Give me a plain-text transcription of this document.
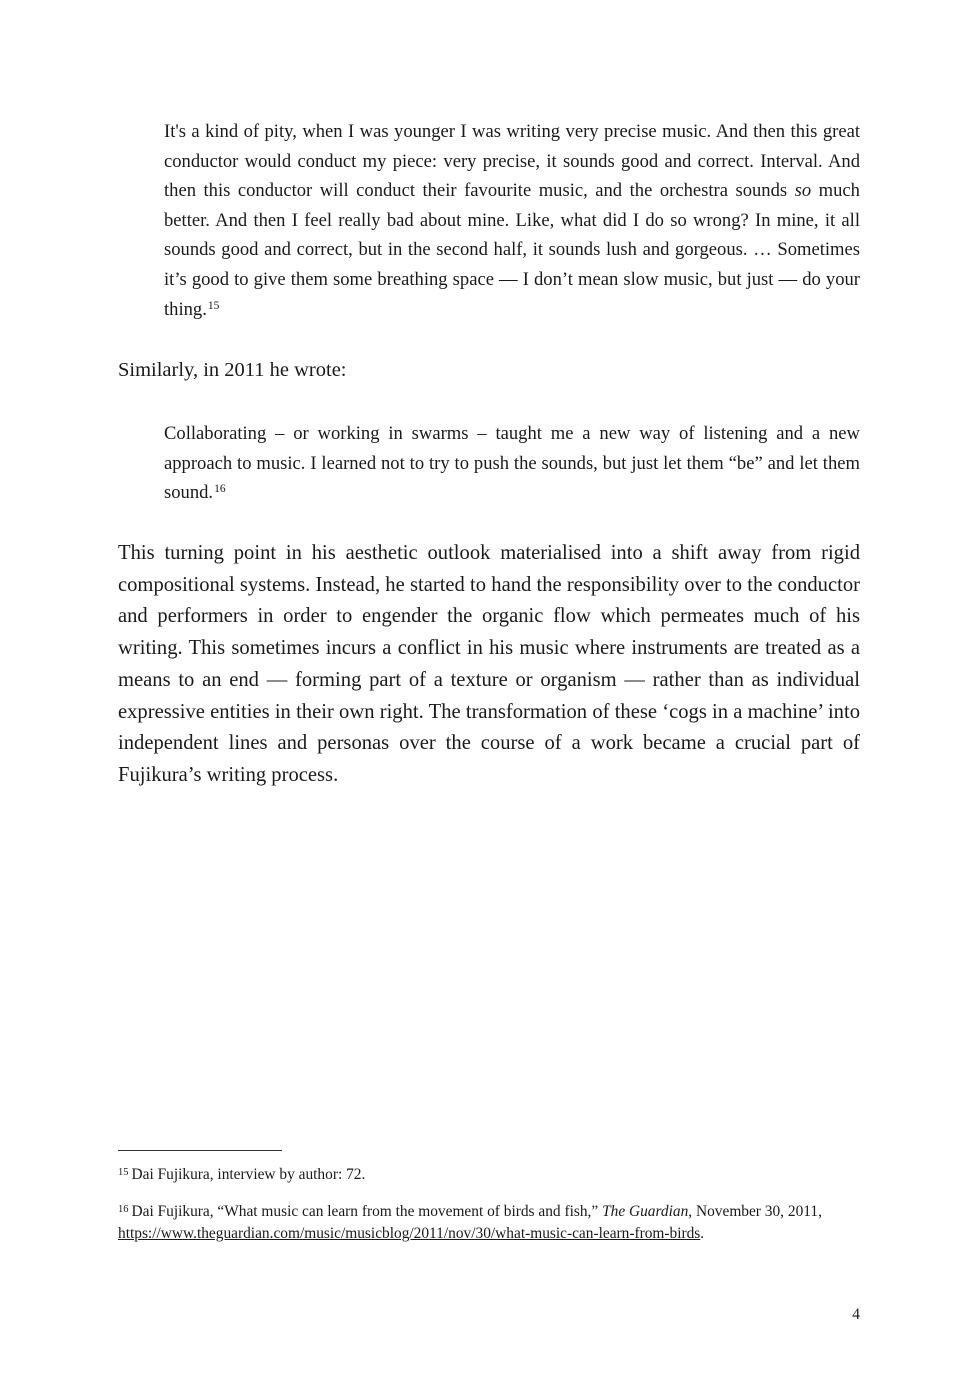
It's a kind of pity, when I was younger I was writing very precise music. And then this great conductor would conduct my piece: very precise, it sounds good and correct. Interval. And then this conductor will conduct their favourite music, and the orchestra sounds so much better. And then I feel really bad about mine. Like, what did I do so wrong? In mine, it all sounds good and correct, but in the second half, it sounds lush and gorgeous. … Sometimes it’s good to give them some breathing space — I don’t mean slow music, but just — do your thing.$^{15}$

Similarly, in 2011 he wrote:

Collaborating – or working in swarms – taught me a new way of listening and a new approach to music. I learned not to try to push the sounds, but just let them “be” and let them sound.$^{16}$

This turning point in his aesthetic outlook materialised into a shift away from rigid compositional systems. Instead, he started to hand the responsibility over to the conductor and performers in order to engender the organic flow which permeates much of his writing. This sometimes incurs a conflict in his music where instruments are treated as a means to an end — forming part of a texture or organism — rather than as individual expressive entities in their own right. The transformation of these ‘cogs in a machine’ into independent lines and personas over the course of a work became a crucial part of Fujikura’s writing process.

$^{15}$ Dai Fujikura, interview by author: 72.

$^{16}$ Dai Fujikura, “What music can learn from the movement of birds and fish,” The Guardian, November 30, 2011, https://www.theguardian.com/music/musicblog/2011/nov/30/what-music-can-learn-from-birds.

4
